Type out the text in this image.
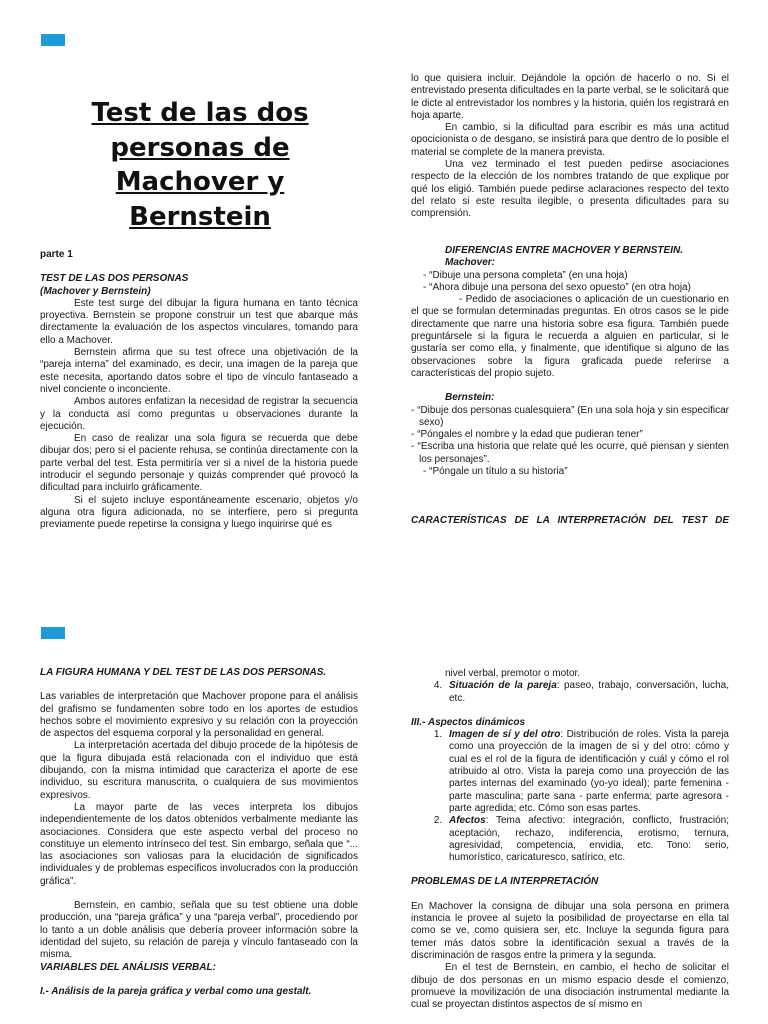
Test de las dos personas de Machover y Bernstein

parte 1

TEST DE LAS DOS PERSONAS

(Machover y Bernstein)

Este test surge del dibujar la figura humana en tanto técnica proyectiva. Bernstein se propone construir un test que abarque más directamente la evaluación de los aspectos vinculares, tomando para ello a Machover.

Bernstein afirma que su test ofrece una objetivación de la “pareja interna” del examinado, es decir, una imagen de la pareja que este necesita, aportando datos sobre el tipo de vínculo fantaseado a nivel conciente o inconciente.

Ambos autores enfatizan la necesidad de registrar la secuencia y la conducta así como preguntas u observaciones durante la ejecución.

En caso de realizar una sola figura se recuerda que debe dibujar dos; pero si el paciente rehusa, se continúa directamente con la parte verbal del test. Esta permitiría ver si a nivel de la historia puede introducir el segundo personaje y quizás comprender qué provocó la dificultad para incluirlo gráficamente.

Si el sujeto incluye espontáneamente escenario, objetos y/o alguna otra figura adicionada, no se interfiere, pero si pregunta previamente puede repetirse la consigna y luego inquirirse qué es

lo que quisiera incluir. Dejándole la opción de hacerlo o no. Si el entrevistado presenta dificultades en la parte verbal, se le solicitará que le dicte al entrevistador los nombres y la historia, quién los registrará en hoja aparte.

En cambio, si la dificultad para escribir es más una actitud opocicionista o de desgano, se insistirá para que dentro de lo posible el material se complete de la manera prevista.

Una vez terminado el test pueden pedirse asociaciones respecto de la elección de los nombres tratando de que explique por qué los eligió. También puede pedirse aclaraciones respecto del texto del relato si este resulta ilegible, o presenta dificultades para su comprensión.

DIFERENCIAS ENTRE MACHOVER Y BERNSTEIN.

Machover:

- “Dibuje una persona completa” (en una hoja)
- “Ahora dibuje una persona del sexo opuesto” (en otra hoja)

- Pedido de asociaciones o aplicación de un cuestionario en el que se formulan determinadas preguntas. En otros casos se le pide directamente que narre una historia sobre esa figura. También puede preguntársele si la figura le recuerda a alguien en particular, si le gustaría ser como ella, y finalmente, que identifique si alguno de las observaciones sobre la figura graficada puede referirse a características del propio sujeto.

Bernstein:

- “Dibuje dos personas cualesquiera” (En una sola hoja y sin especificar sexo)
- “Póngales el nombre y la edad que pudieran tener”
- “Escriba una historia que relate qué les ocurre, qué piensan y sienten los personajes”.
- “Póngale un título a su historia”
CARACTERÍSTICAS DE LA INTERPRETACIÓN DEL TEST DE

LA FIGURA HUMANA Y DEL TEST DE LAS DOS PERSONAS.

Las variables de interpretación que Machover propone para el análisis del grafismo se fundamenten sobre todo en los aportes de estudios hechos sobre el movimiento expresivo y su relación con la proyección de aspectos del esquema corporal y la personalidad en general.

La interpretación acertada del dibujo procede de la hipótesis de que la figura dibujada está relacionada con el individuo que está dibujando, con la misma intimidad que caracteriza el aporte de ese individuo, su escritura manuscrita, o cualquiera de sus movimientos expresivos.

La mayor parte de las veces interpreta los dibujos independientemente de los datos obtenidos verbalmente mediante las asociaciones. Considera que este aspecto verbal del proceso no constituye un elemento intrínseco del test. Sin embargo, señala que “... las asociaciones son valiosas para la elucidación de significados individuales y de problemas específicos involucrados con la producción gráfica”.

Bernstein, en cambio, señala que su test obtiene una doble producción, una “pareja gráfica” y una “pareja verbal”, procediendo por lo tanto a un doble análisis que debería proveer información sobre la identidad del sujeto, su relación de pareja y vínculo fantaseado con la misma.

VARIABLES DEL ANÁLISIS VERBAL:

I.- Análisis de la pareja gráfica y verbal como una gestalt.

nivel verbal, premotor o motor.

4. Situación de la pareja: paseo, trabajo, conversación, lucha, etc.

III.- Aspectos dinámicos

1. Imagen de sí y del otro: Distribución de roles. Vista la pareja como una proyección de la imagen de sí y del otro: cómo y cual es el rol de la figura de identificación y cuál y cómo el rol atribuido al otro. Vista la pareja como una proyección de las partes internas del examinado (yo-yo ideal); parte femenina - parte masculina; parte sana - parte enferma; parte agresora - parte agredida; etc. Cómo son esas partes.
2. Afectos: Tema afectivo: integración, conflicto, frustración; aceptación, rechazo, indiferencia, erotismo, ternura, agresividad, competencia, envidia, etc. Tono: serio, humorístico, caricaturesco, satírico, etc.

PROBLEMAS DE LA INTERPRETACIÓN

En Machover la consigna de dibujar una sola persona en primera instancia le provee al sujeto la posibilidad de proyectarse en ella tal como se ve, como quisiera ser, etc. Incluye la segunda figura para temer más datos sobre la identificación sexual a través de la discriminación de rasgos entre la primera y la segunda.

En el test de Bernstein, en cambio, el hecho de solicitar el dibujo de dos personas en un mismo espacio desde el comienzo, promueve la movilización de una disociación instrumental mediante la cual se proyectan distintos aspectos de sí mismo en
